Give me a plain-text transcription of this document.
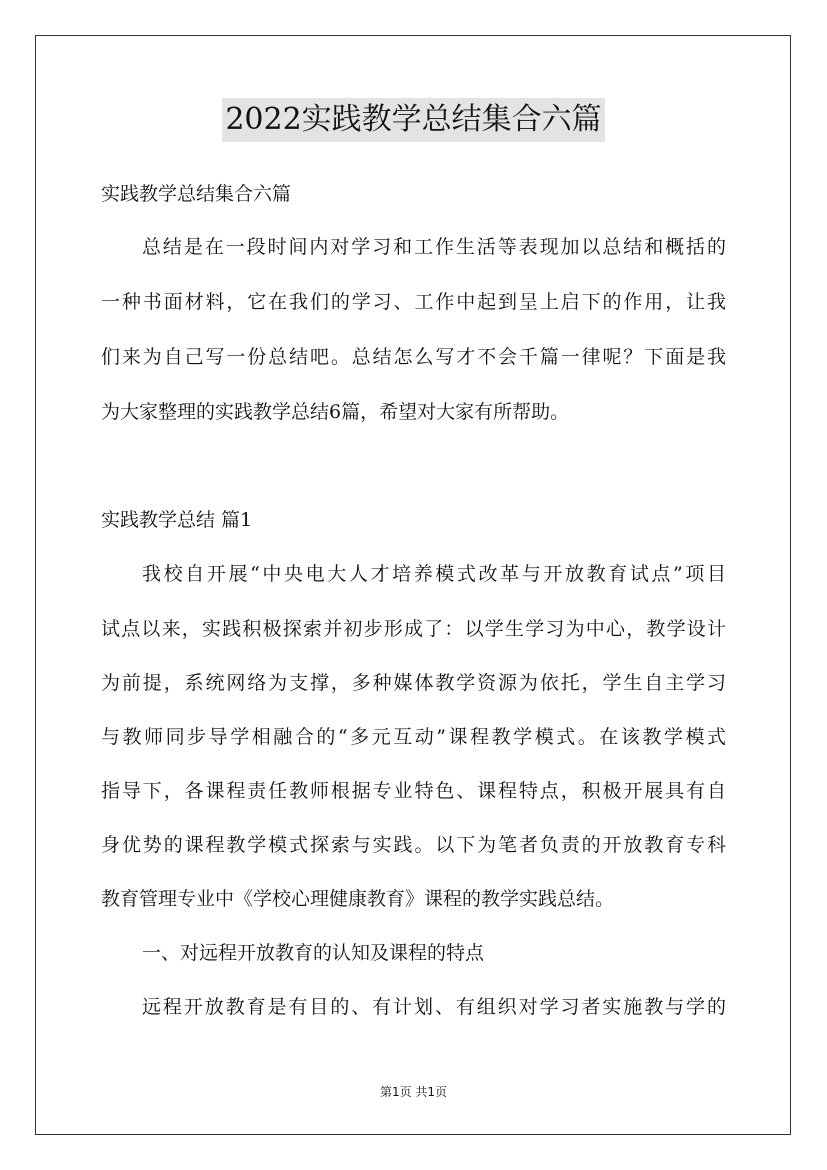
2022实践教学总结集合六篇
实践教学总结集合六篇
总结是在一段时间内对学习和工作生活等表现加以总结和概括的
一种书面材料，它在我们的学习、工作中起到呈上启下的作用，让我
们来为自己写一份总结吧。总结怎么写才不会千篇一律呢？下面是我
为大家整理的实践教学总结6篇，希望对大家有所帮助。
实践教学总结 篇1
我校自开展“中央电大人才培养模式改革与开放教育试点”项目
试点以来，实践积极探索并初步形成了：以学生学习为中心，教学设计
为前提，系统网络为支撑，多种媒体教学资源为依托，学生自主学习
与教师同步导学相融合的“多元互动”课程教学模式。在该教学模式
指导下，各课程责任教师根据专业特色、课程特点，积极开展具有自
身优势的课程教学模式探索与实践。以下为笔者负责的开放教育专科
教育管理专业中《学校心理健康教育》课程的教学实践总结。
一、对远程开放教育的认知及课程的特点
远程开放教育是有目的、有计划、有组织对学习者实施教与学的
第1页 共1页
